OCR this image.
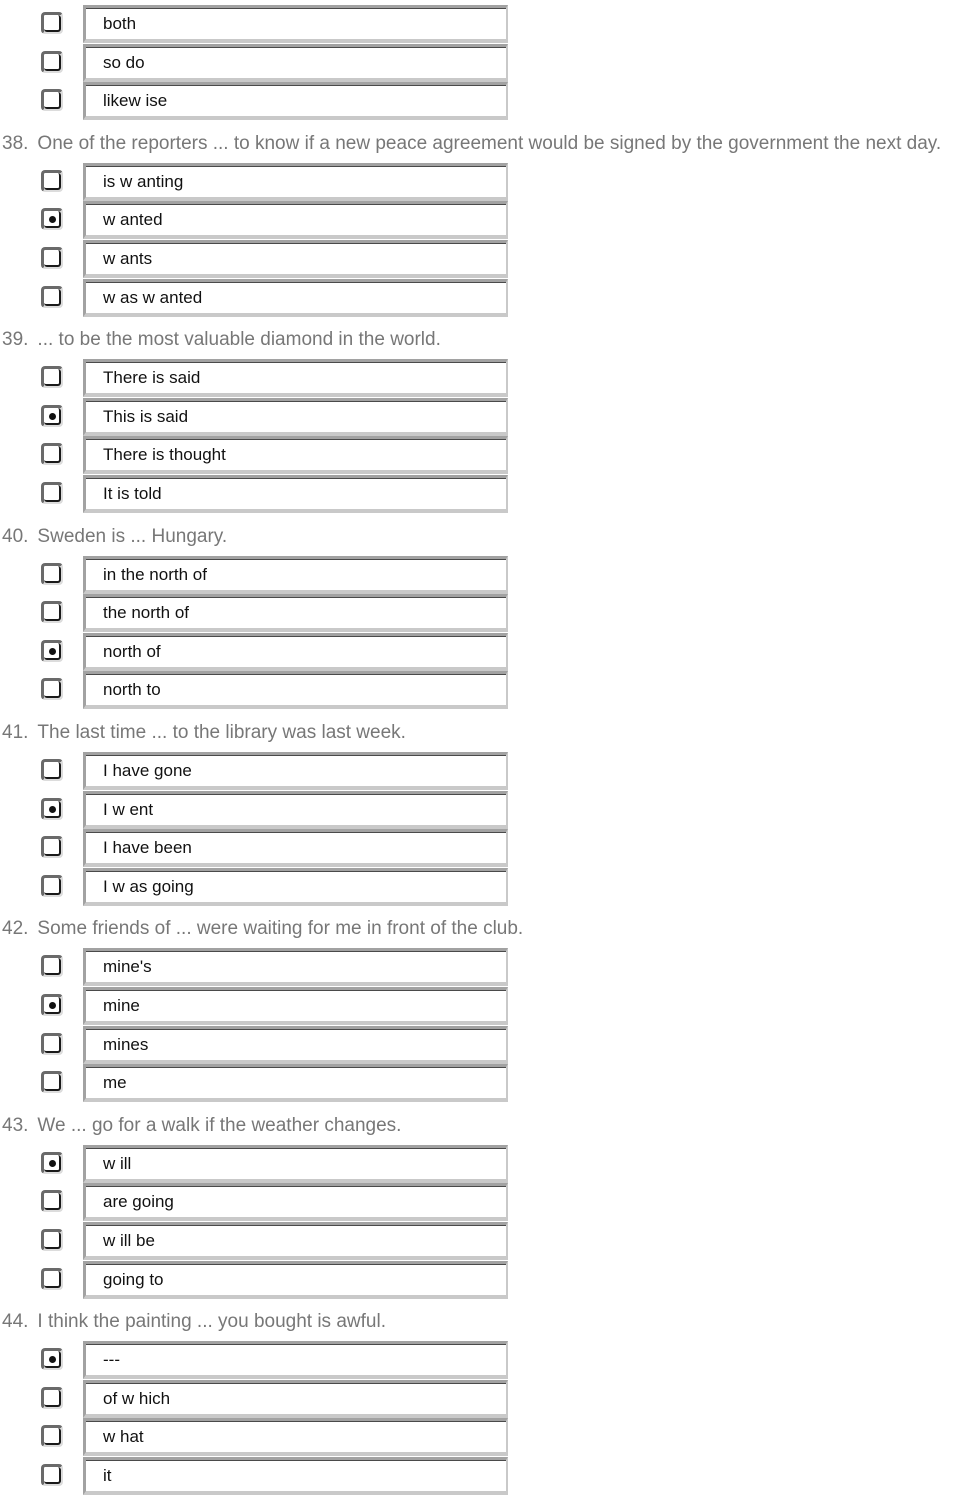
both
so do
likew ise
38. One of the reporters ... to know if a new peace agreement would be signed by the government the next day.
is w anting
w anted
w ants
w as w anted
39. ... to be the most valuable diamond in the world.
There is said
This is said
There is thought
It is told
40. Sweden is ... Hungary.
in the north of
the north of
north of
north to
41. The last time ... to the library was last week.
I have gone
I w ent
I have been
I w as going
42. Some friends of ... were waiting for me in front of the club.
mine's
mine
mines
me
43. We ... go for a walk if the weather changes.
w ill
are going
w ill be
going to
44. I think the painting ... you bought is awful.
---
of w hich
w hat
it
